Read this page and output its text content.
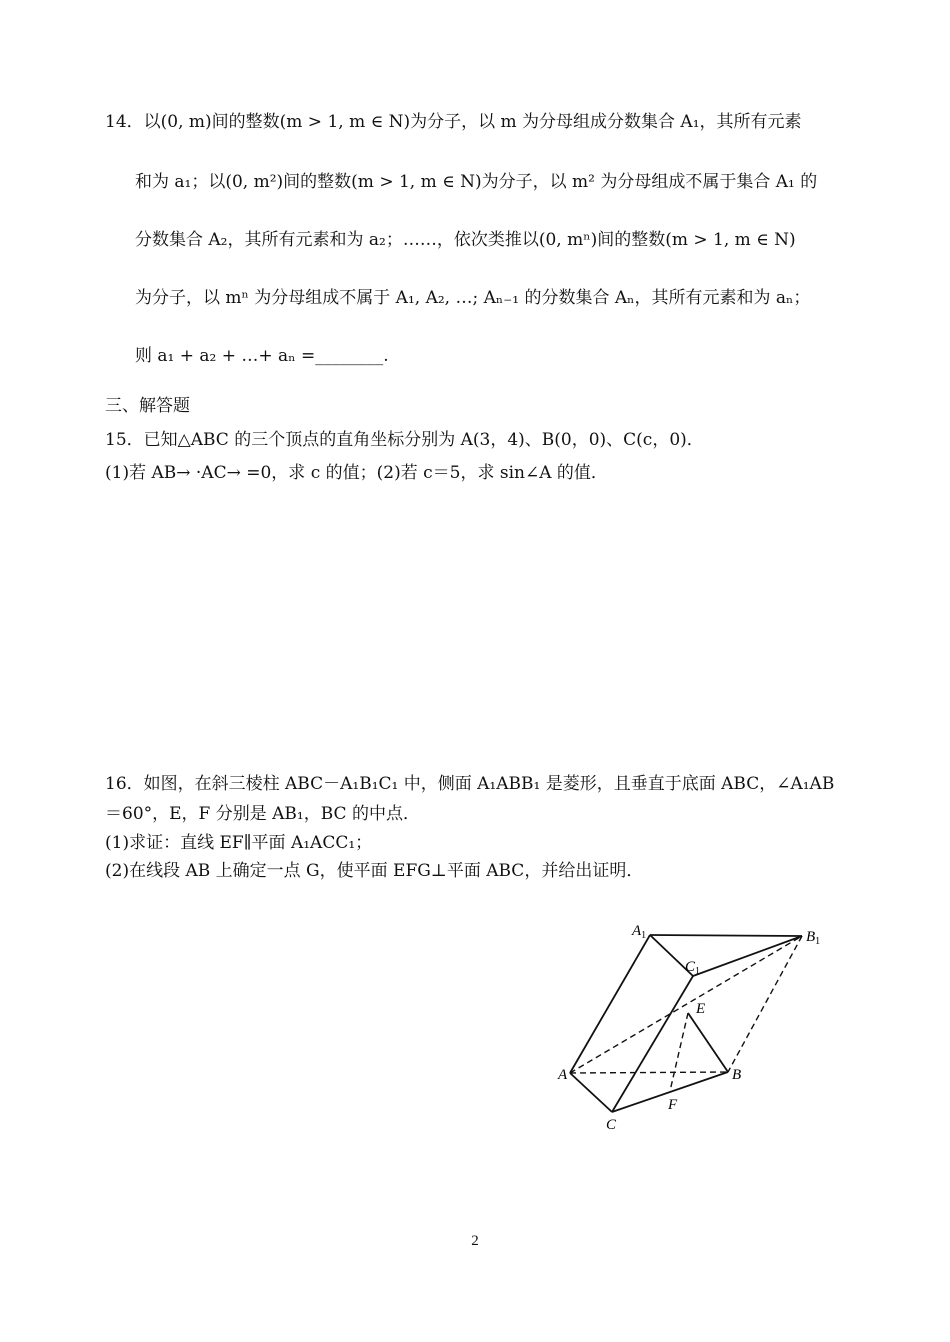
14．以(0, m)间的整数(m > 1, m ∈ N)为分子，以 m 为分母组成分数集合 A₁，其所有元素
和为 a₁；以(0, m²)间的整数(m > 1, m ∈ N)为分子，以 m² 为分母组成不属于集合 A₁ 的
分数集合 A₂，其所有元素和为 a₂；……，依次类推以(0, mⁿ)间的整数(m > 1, m ∈ N)
为分子，以 mⁿ 为分母组成不属于 A₁, A₂, …; Aₙ₋₁ 的分数集合 Aₙ，其所有元素和为 aₙ；
则 a₁ + a₂ + …+ aₙ =________.
三、解答题
15．已知△ABC 的三个顶点的直角坐标分别为 A(3，4)、B(0，0)、C(c，0)．
(1)若 AB→ ·AC→ =0，求 c 的值；(2)若 c＝5，求 sin∠A 的值．
16．如图，在斜三棱柱 ABC－A₁B₁C₁ 中，侧面 A₁ABB₁ 是菱形，且垂直于底面 ABC，∠A₁AB
＝60°，E，F 分别是 AB₁，BC 的中点．
(1)求证：直线 EF∥平面 A₁ACC₁；
(2)在线段 AB 上确定一点 G，使平面 EFG⊥平面 ABC，并给出证明．
$A_1$	$B_1$
$C_1$
E
A	B
F
C
2
